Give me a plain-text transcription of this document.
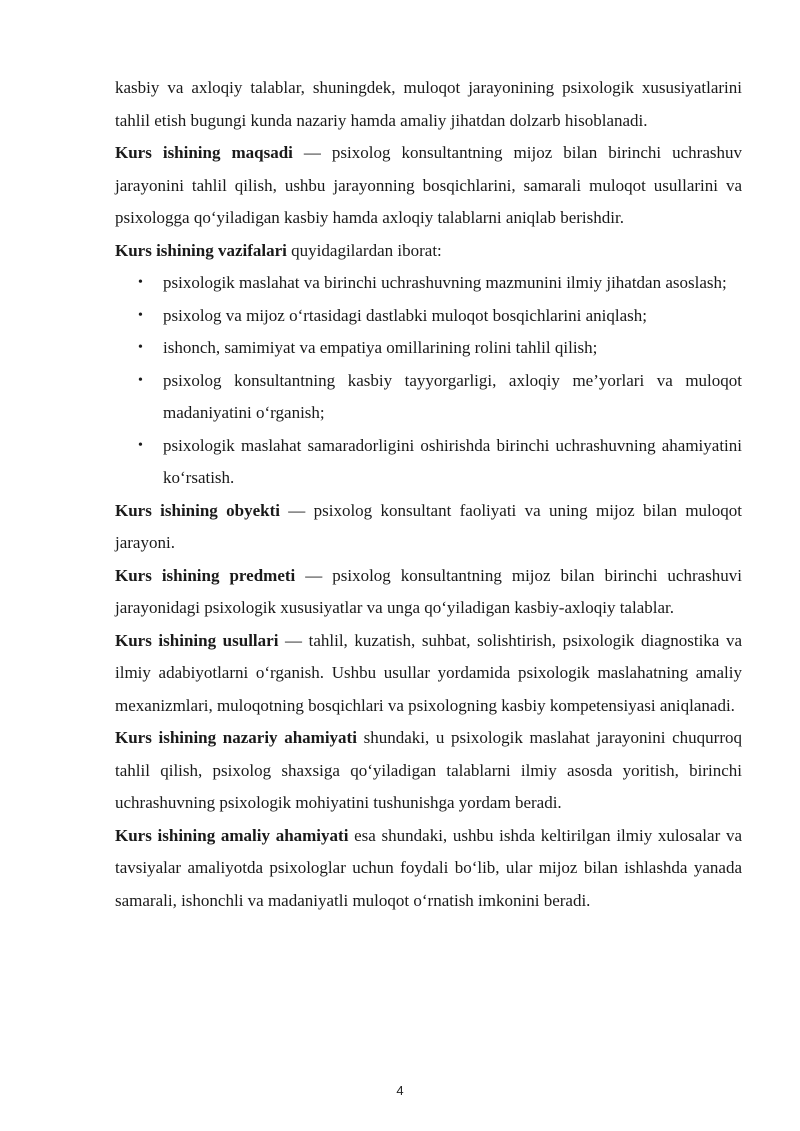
kasbiy va axloqiy talablar, shuningdek, muloqot jarayonining psixologik xususiyatlarini tahlil etish bugungi kunda nazariy hamda amaliy jihatdan dolzarb hisoblanadi.

Kurs ishining maqsadi — psixolog konsultantning mijoz bilan birinchi uchrashuv jarayonini tahlil qilish, ushbu jarayonning bosqichlarini, samarali muloqot usullarini va psixologga qo‘yiladigan kasbiy hamda axloqiy talablarni aniqlab berishdir.

Kurs ishining vazifalari quyidagilardan iborat:

• psixologik maslahat va birinchi uchrashuvning mazmunini ilmiy jihatdan asoslash;
• psixolog va mijoz o‘rtasidagi dastlabki muloqot bosqichlarini aniqlash;
• ishonch, samimiyat va empatiya omillarining rolini tahlil qilish;
• psixolog konsultantning kasbiy tayyorgarligi, axloqiy me’yorlari va muloqot madaniyatini o‘rganish;
• psixologik maslahat samaradorligini oshirishda birinchi uchrashuvning ahamiyatini ko‘rsatish.

Kurs ishining obyekti — psixolog konsultant faoliyati va uning mijoz bilan muloqot jarayoni.

Kurs ishining predmeti — psixolog konsultantning mijoz bilan birinchi uchrashuvi jarayonidagi psixologik xususiyatlar va unga qo‘yiladigan kasbiy-axloqiy talablar.

Kurs ishining usullari — tahlil, kuzatish, suhbat, solishtirish, psixologik diagnostika va ilmiy adabiyotlarni o‘rganish. Ushbu usullar yordamida psixologik maslahatning amaliy mexanizmlari, muloqotning bosqichlari va psixologning kasbiy kompetensiyasi aniqlanadi.

Kurs ishining nazariy ahamiyati shundaki, u psixologik maslahat jarayonini chuqurroq tahlil qilish, psixolog shaxsiga qo‘yiladigan talablarni ilmiy asosda yoritish, birinchi uchrashuvning psixologik mohiyatini tushunishga yordam beradi.

Kurs ishining amaliy ahamiyati esa shundaki, ushbu ishda keltirilgan ilmiy xulosalar va tavsiyalar amaliyotda psixologlar uchun foydali bo‘lib, ular mijoz bilan ishlashda yanada samarali, ishonchli va madaniyatli muloqot o‘rnatish imkonini beradi.

4
